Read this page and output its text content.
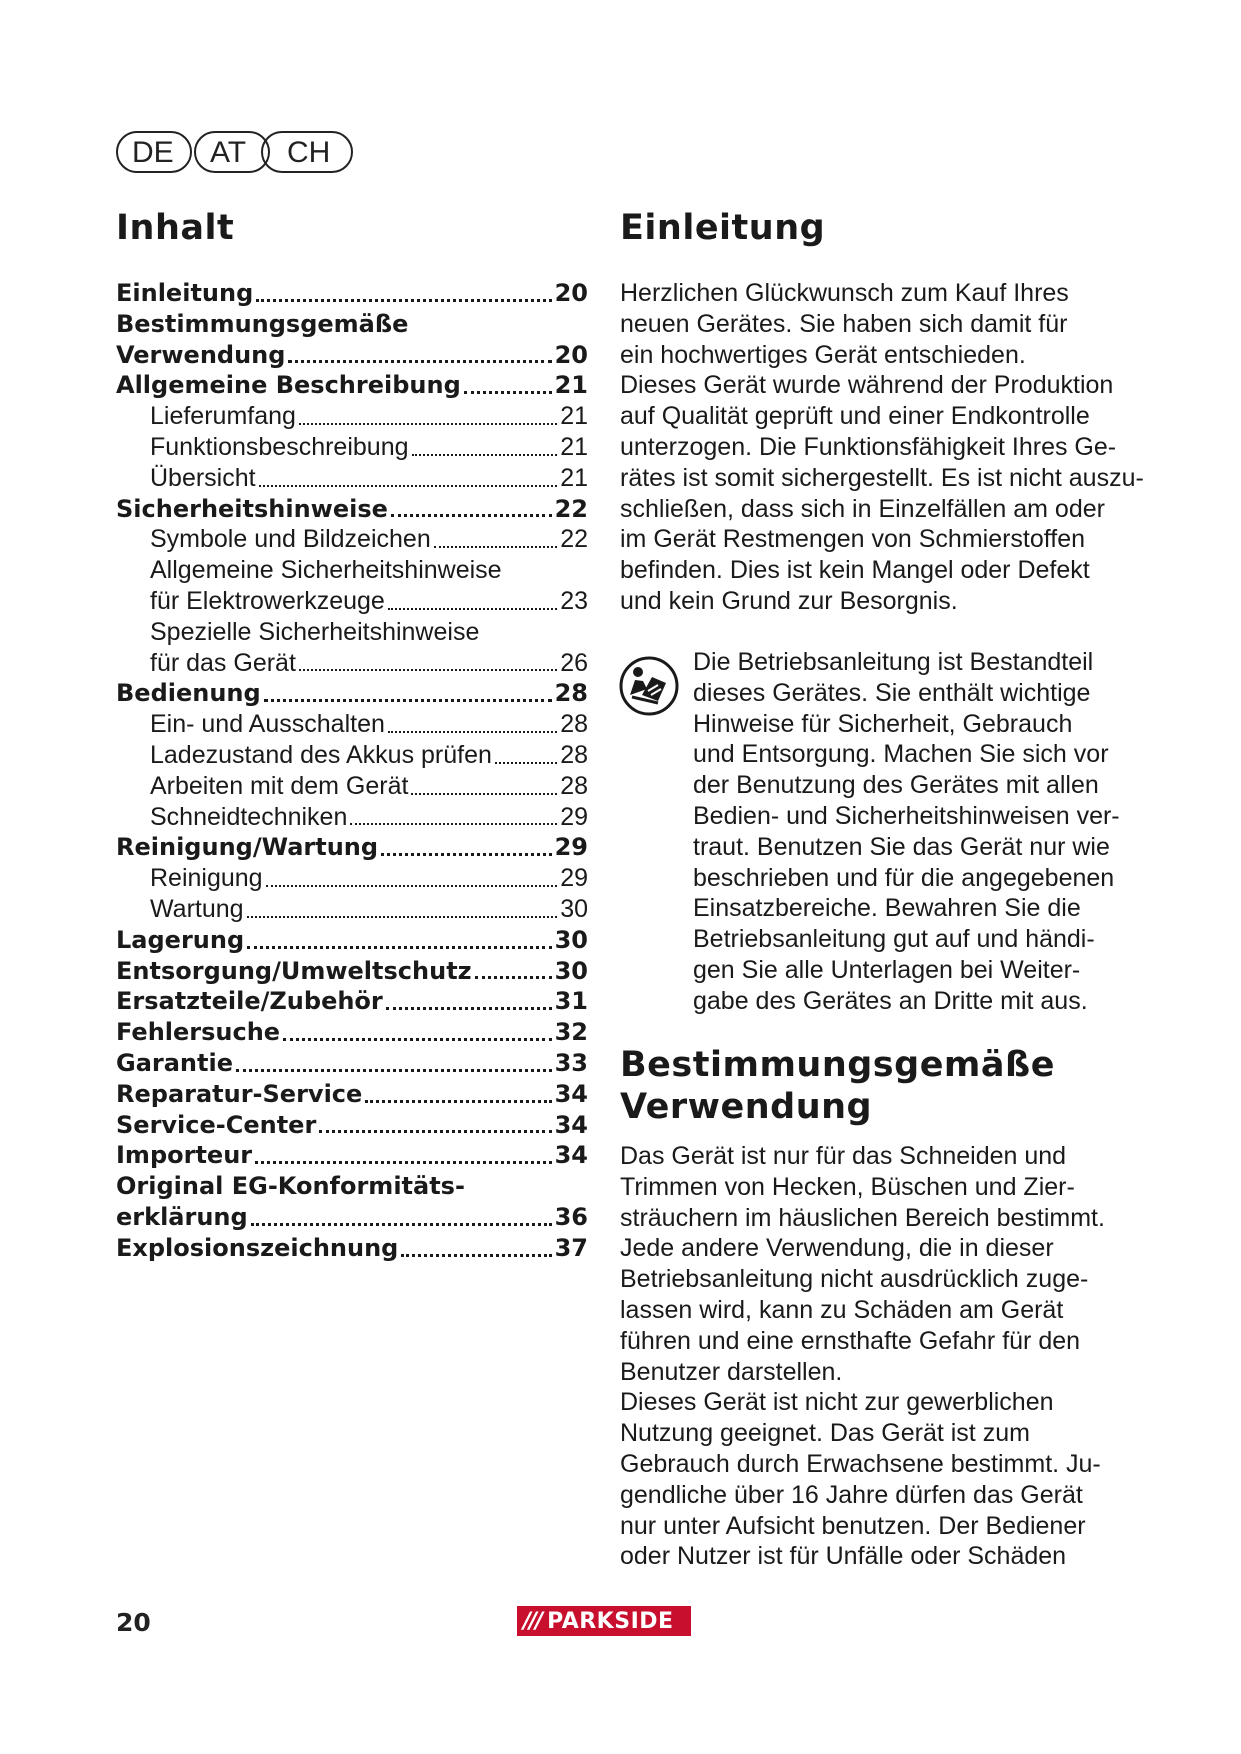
DE	AT	CH
Inhalt
Einleitung	20
Bestimmungsgemäße
Verwendung	20
Allgemeine Beschreibung	21
Lieferumfang	21
Funktionsbeschreibung	21
Übersicht	21
Sicherheitshinweise	22
Symbole und Bildzeichen	22
Allgemeine Sicherheitshinweise
für Elektrowerkzeuge	23
Spezielle Sicherheitshinweise
für das Gerät	26
Bedienung	28
Ein- und Ausschalten	28
Ladezustand des Akkus prüfen	28
Arbeiten mit dem Gerät	28
Schneidtechniken	29
Reinigung/Wartung	29
Reinigung	29
Wartung	30
Lagerung	30
Entsorgung/Umweltschutz	30
Ersatzteile/Zubehör	31
Fehlersuche	32
Garantie	33
Reparatur-Service	34
Service-Center	34
Importeur	34
Original EG-Konformitäts-
erklärung	36
Explosionszeichnung	37
Einleitung
Herzlichen Glückwunsch zum Kauf Ihres
neuen Gerätes. Sie haben sich damit für
ein hochwertiges Gerät entschieden.
Dieses Gerät wurde während der Produktion
auf Qualität geprüft und einer Endkontrolle
unterzogen. Die Funktionsfähigkeit Ihres Ge-
rätes ist somit sichergestellt. Es ist nicht auszu-
schließen, dass sich in Einzelfällen am oder
im Gerät Restmengen von Schmierstoffen
befinden. Dies ist kein Mangel oder Defekt
und kein Grund zur Besorgnis.
Die Betriebsanleitung ist Bestandteil
dieses Gerätes. Sie enthält wichtige
Hinweise für Sicherheit, Gebrauch
und Entsorgung. Machen Sie sich vor
der Benutzung des Gerätes mit allen
Bedien- und Sicherheitshinweisen ver-
traut. Benutzen Sie das Gerät nur wie
beschrieben und für die angegebenen
Einsatzbereiche. Bewahren Sie die
Betriebsanleitung gut auf und händi-
gen Sie alle Unterlagen bei Weiter-
gabe des Gerätes an Dritte mit aus.
Bestimmungsgemäße
Verwendung
Das Gerät ist nur für das Schneiden und
Trimmen von Hecken, Büschen und Zier-
sträuchern im häuslichen Bereich bestimmt.
Jede andere Verwendung, die in dieser
Betriebsanleitung nicht ausdrücklich zuge-
lassen wird, kann zu Schäden am Gerät
führen und eine ernsthafte Gefahr für den
Benutzer darstellen.
Dieses Gerät ist nicht zur gewerblichen
Nutzung geeignet. Das Gerät ist zum
Gebrauch durch Erwachsene bestimmt. Ju-
gendliche über 16 Jahre dürfen das Gerät
nur unter Aufsicht benutzen. Der Bediener
oder Nutzer ist für Unfälle oder Schäden
20	/// PARKSIDE
